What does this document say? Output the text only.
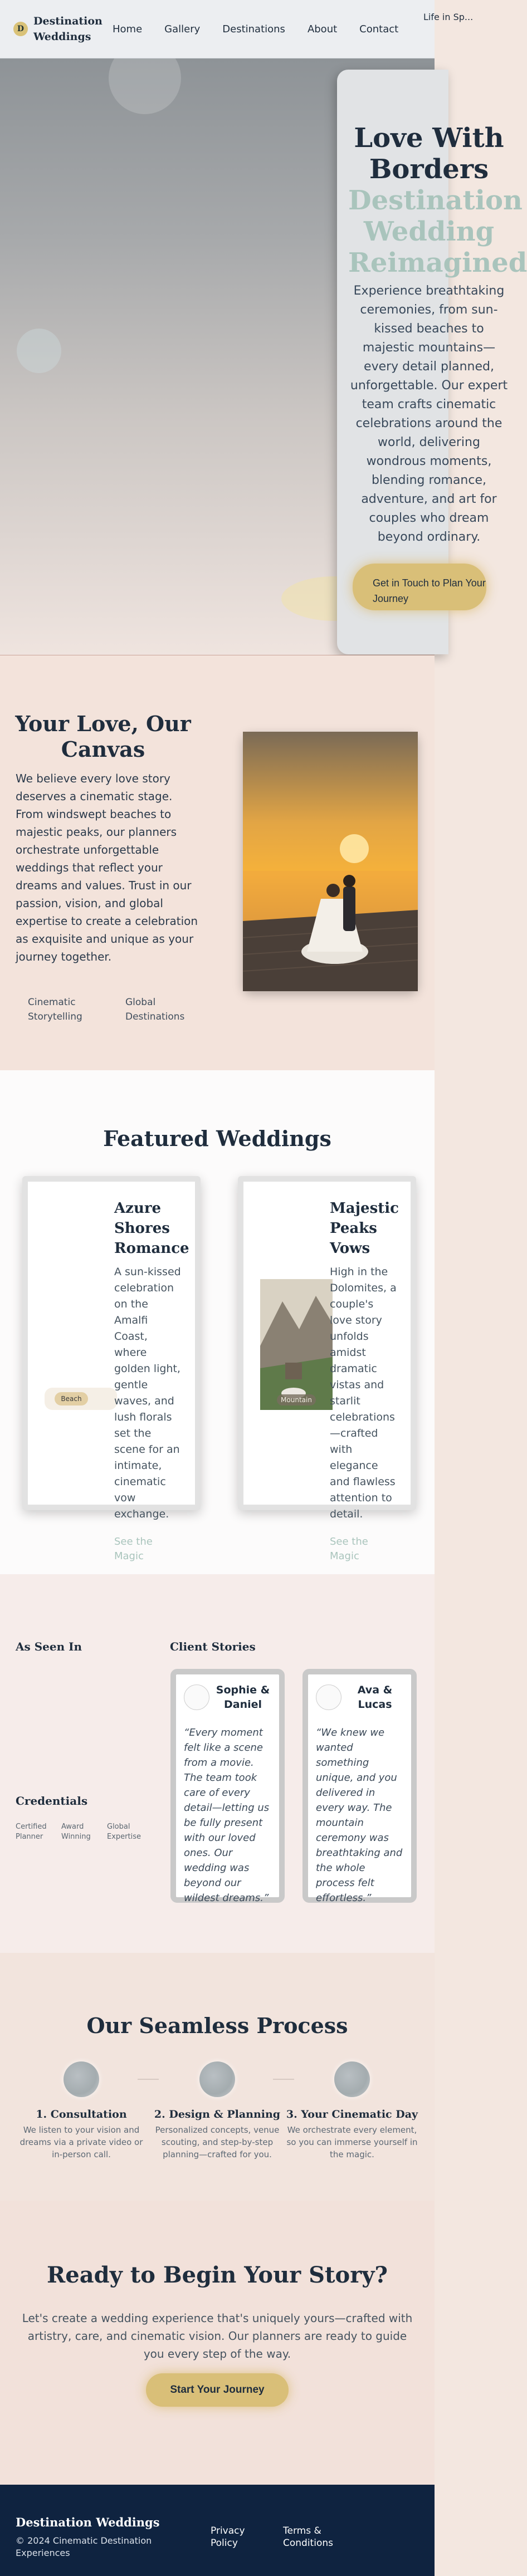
D
Destination Weddings
Home Gallery Destinations About Contact
Life in Sp...
Love With Borders
Destination Wedding Reimagined

Experience breathtaking ceremonies, from sun-kissed beaches to majestic mountains—every detail planned, unforgettable. Our expert team crafts cinematic celebrations around the world, delivering wondrous moments, blending romance, adventure, and art for couples who dream beyond ordinary.

Get in Touch to Plan Your Journey
Your Love, Our Canvas

We believe every love story deserves a cinematic stage. From windswept beaches to majestic peaks, our planners orchestrate unforgettable weddings that reflect your dreams and values. Trust in our passion, vision, and global expertise to create a celebration as exquisite and unique as your journey together.

Cinematic Storytelling
Global Destinations
Featured Weddings
Beach
Azure Shores Romance

A sun-kissed celebration on the Amalfi Coast, where golden light, gentle waves, and lush florals set the scene for an intimate, cinematic vow exchange.

See the Magic
Mountain
Majestic Peaks Vows

High in the Dolomites, a couple's love story unfolds amidst dramatic vistas and starlit celebrations—crafted with elegance and flawless attention to detail.

See the Magic
As Seen In
Credentials
Certified Planner
Award Winning
Global Expertise
Client Stories
Sophie & Daniel

“Every moment felt like a scene from a movie. The team took care of every detail—letting us be fully present with our loved ones. Our wedding was beyond our wildest dreams.”

Ava & Lucas

“We knew we wanted something unique, and you delivered in every way. The mountain ceremony was breathtaking and the whole process felt effortless.”

Our Seamless Process
1. Consultation
We listen to your vision and dreams via a private video or in-person call.
2. Design & Planning
Personalized concepts, venue scouting, and step-by-step planning—crafted for you.
3. Your Cinematic Day
We orchestrate every element, so you can immerse yourself in the magic.
Ready to Begin Your Story?

Let's create a wedding experience that's uniquely yours—crafted with artistry, care, and cinematic vision. Our planners are ready to guide you every step of the way.

Start Your Journey
Destination Weddings
© 2024 Cinematic Destination Experiences
Privacy Policy
Terms & Conditions
